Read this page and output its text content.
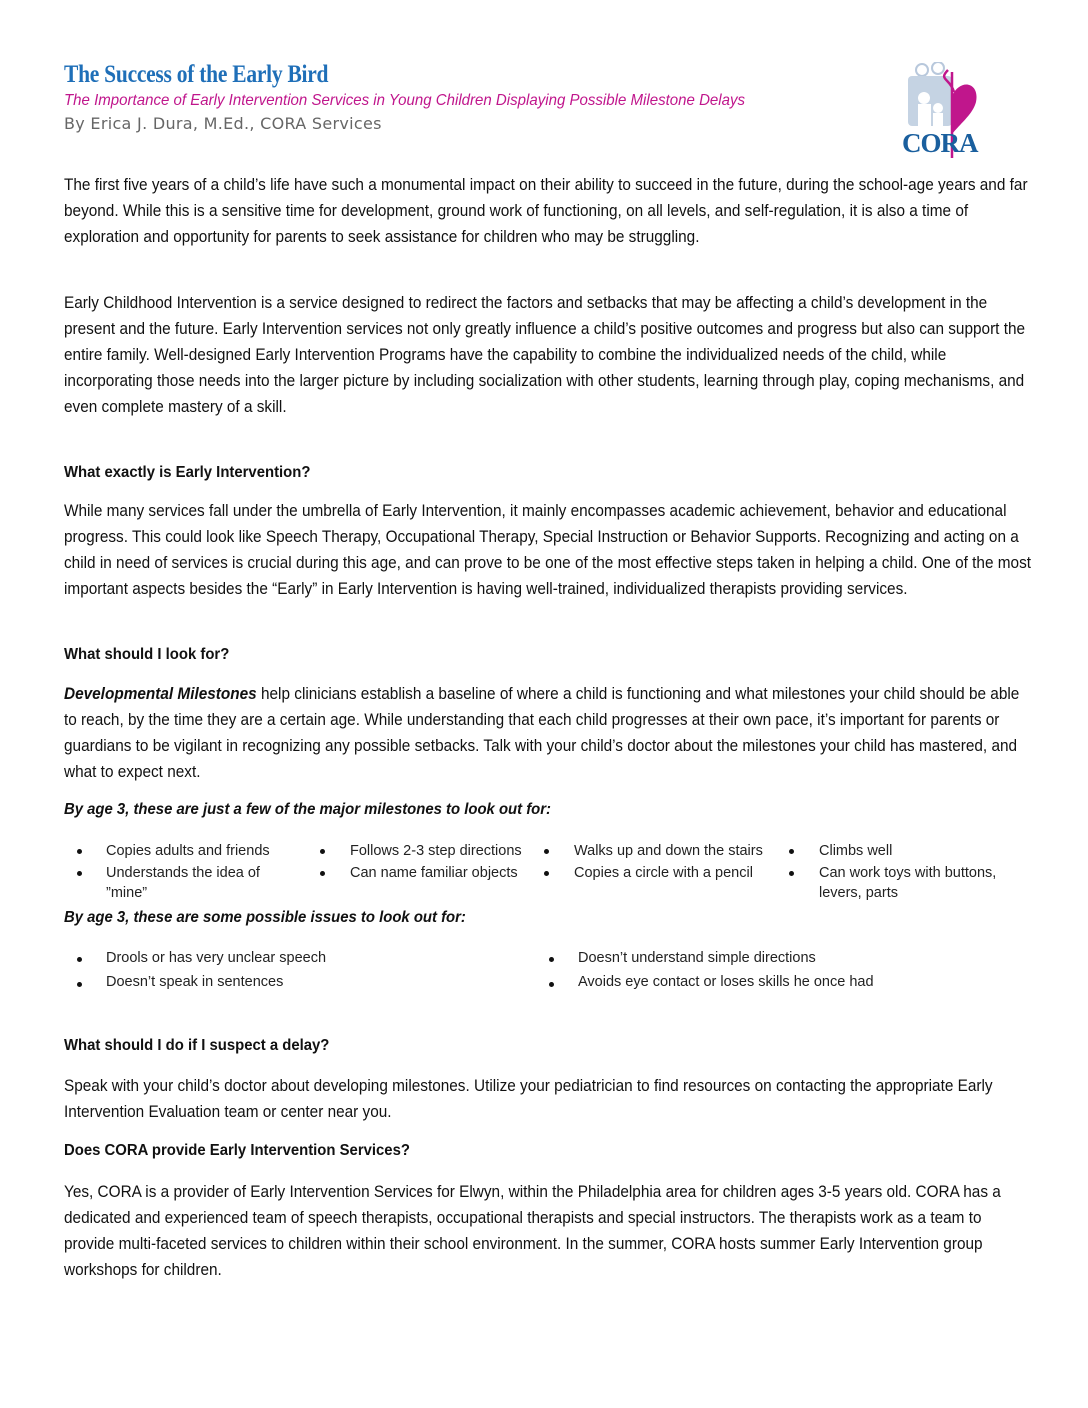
The Success of the Early Bird

The Importance of Early Intervention Services in Young Children Displaying Possible Milestone Delays

By Erica J. Dura, M.Ed., CORA Services

CORA

The first five years of a child’s life have such a monumental impact on their ability to succeed in the future, during the school-age years and far beyond. While this is a sensitive time for development, ground work of functioning, on all levels, and self-regulation, it is also a time of exploration and opportunity for parents to seek assistance for children who may be struggling.

Early Childhood Intervention is a service designed to redirect the factors and setbacks that may be affecting a child’s development in the present and the future. Early Intervention services not only greatly influence a child’s positive outcomes and progress but also can support the entire family. Well-designed Early Intervention Programs have the capability to combine the individualized needs of the child, while incorporating those needs into the larger picture by including socialization with other students, learning through play, coping mechanisms, and even complete mastery of a skill.

What exactly is Early Intervention?

While many services fall under the umbrella of Early Intervention, it mainly encompasses academic achievement, behavior and educational progress. This could look like Speech Therapy, Occupational Therapy, Special Instruction or Behavior Supports. Recognizing and acting on a child in need of services is crucial during this age, and can prove to be one of the most effective steps taken in helping a child. One of the most important aspects besides the “Early” in Early Intervention is having well-trained, individualized therapists providing services.

What should I look for?

Developmental Milestones help clinicians establish a baseline of where a child is functioning and what milestones your child should be able to reach, by the time they are a certain age. While understanding that each child progresses at their own pace, it’s important for parents or guardians to be vigilant in recognizing any possible setbacks. Talk with your child’s doctor about the milestones your child has mastered, and what to expect next.

By age 3, these are just a few of the major milestones to look out for:
Copies adults and friends
Understands the idea of
”mine”
Follows 2-3 step directions
Can name familiar objects
Walks up and down the stairs
Copies a circle with a pencil
Climbs well
Can work toys with buttons,
levers, parts
By age 3, these are some possible issues to look out for:
Drools or has very unclear speech
Doesn’t speak in sentences
Doesn’t understand simple directions
Avoids eye contact or loses skills he once had
What should I do if I suspect a delay?

Speak with your child’s doctor about developing milestones. Utilize your pediatrician to find resources on contacting the appropriate Early Intervention Evaluation team or center near you.

Does CORA provide Early Intervention Services?

Yes, CORA is a provider of Early Intervention Services for Elwyn, within the Philadelphia area for children ages 3-5 years old. CORA has a dedicated and experienced team of speech therapists, occupational therapists and special instructors. The therapists work as a team to provide multi-faceted services to children within their school environment. In the summer, CORA hosts summer Early Intervention group workshops for children.
